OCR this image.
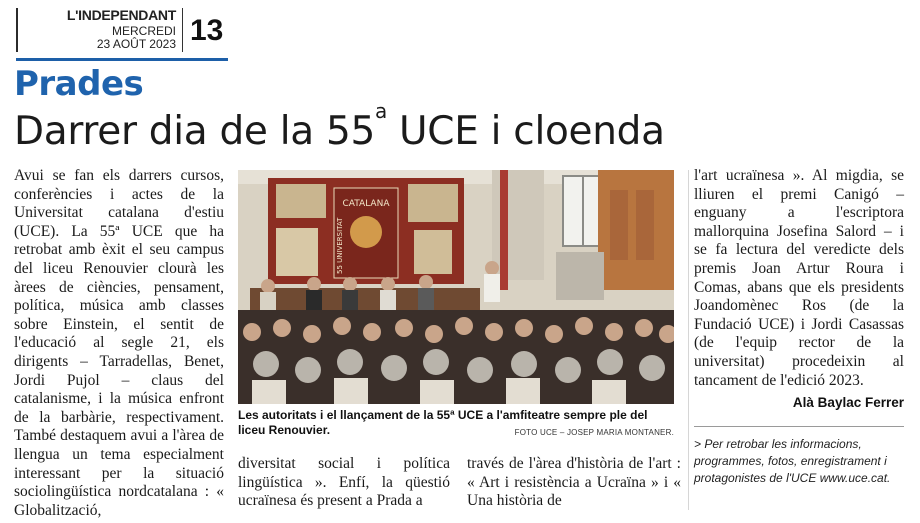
L'INDEPENDANT
MERCREDI
23 AOÛT 2023 13
Prades
Darrer dia de la 55$^a$ UCE i cloenda
Avui se fan els darrers cursos, conferències i actes de la Universitat catalana d'estiu (UCE). La 55ª UCE que ha retrobat amb èxit el seu campus del liceu Renouvier clourà les àrees de ciències, pensament, política, música amb classes sobre Einstein, el sentit de l'educació al segle 21, els dirigents – Tarradellas, Benet, Jordi Pujol – claus del catalanisme, i la música enfront de la barbàrie, respectivament. També destaquem avui a l'àrea de llengua un tema especialment interessant per la situació sociolingüística nordcatalana : « Globalització,
CATALANA
55 UNIVERSITAT
Les autoritats i el llançament de la 55ª UCE a l'amfiteatre sempre ple del liceu Renouvier.	FOTO UCE – JOSEP MARIA MONTANER.
diversitat social i política lingüística ». Enfí, la qüestió ucraïnesa és present a Prada a
través de l'àrea d'història de l'art : « Art i resistència a Ucraïna » i « Una història de
l'art ucraïnesa ». Al migdia, se lliuren el premi Canigó – enguany a l'escriptora mallorquina Josefina Salord – i se fa lectura del veredicte dels premis Joan Artur Roura i Comas, abans que els presidents Joandomènec Ros (de la Fundació UCE) i Jordi Casassas (de l'equip rector de la universitat) procedeixin al tancament de l'edició 2023.
Alà Baylac Ferrer
> Per retrobar les informacions, programmes, fotos, enregistrament i protagonistes de l'UCE www.uce.cat.
